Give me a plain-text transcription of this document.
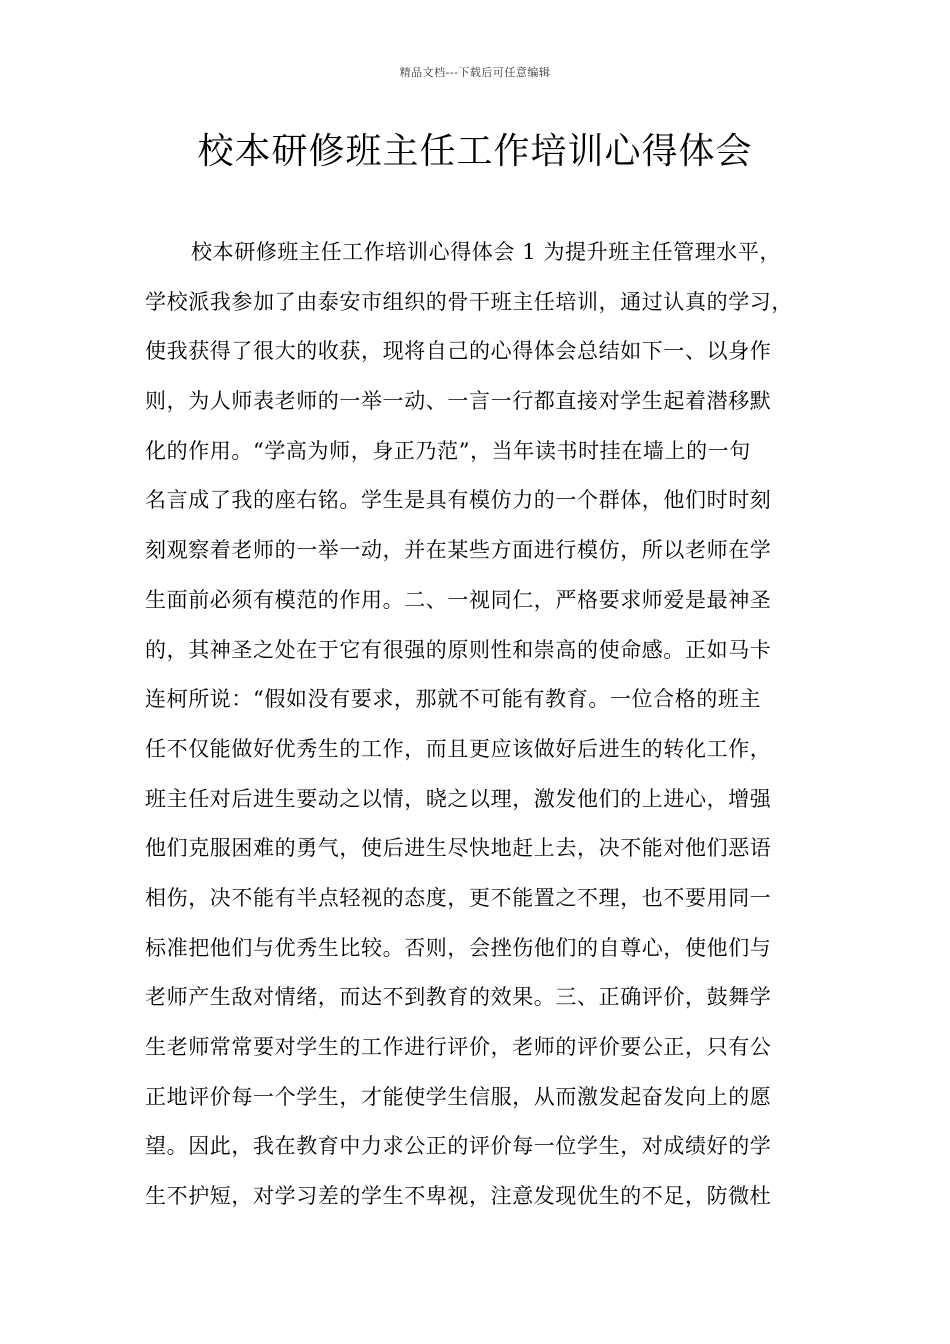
精品文档---下载后可任意编辑
校本研修班主任工作培训心得体会
校本研修班主任工作培训心得体会 1 为提升班主任管理水平，
学校派我参加了由泰安市组织的骨干班主任培训，通过认真的学习，
使我获得了很大的收获，现将自己的心得体会总结如下一、以身作
则，为人师表老师的一举一动、一言一行都直接对学生起着潜移默
化的作用。“学高为师，身正乃范”，当年读书时挂在墙上的一句
名言成了我的座右铭。学生是具有模仿力的一个群体，他们时时刻
刻观察着老师的一举一动，并在某些方面进行模仿，所以老师在学
生面前必须有模范的作用。二、一视同仁，严格要求师爱是最神圣
的，其神圣之处在于它有很强的原则性和崇高的使命感。正如马卡
连柯所说：“假如没有要求，那就不可能有教育。一位合格的班主
任不仅能做好优秀生的工作，而且更应该做好后进生的转化工作，
班主任对后进生要动之以情，晓之以理，激发他们的上进心，增强
他们克服困难的勇气，使后进生尽快地赶上去，决不能对他们恶语
相伤，决不能有半点轻视的态度，更不能置之不理，也不要用同一
标准把他们与优秀生比较。否则，会挫伤他们的自尊心，使他们与
老师产生敌对情绪，而达不到教育的效果。三、正确评价，鼓舞学
生老师常常要对学生的工作进行评价，老师的评价要公正，只有公
正地评价每一个学生，才能使学生信服，从而激发起奋发向上的愿
望。因此，我在教育中力求公正的评价每一位学生，对成绩好的学
生不护短，对学习差的学生不卑视，注意发现优生的不足，防微杜
